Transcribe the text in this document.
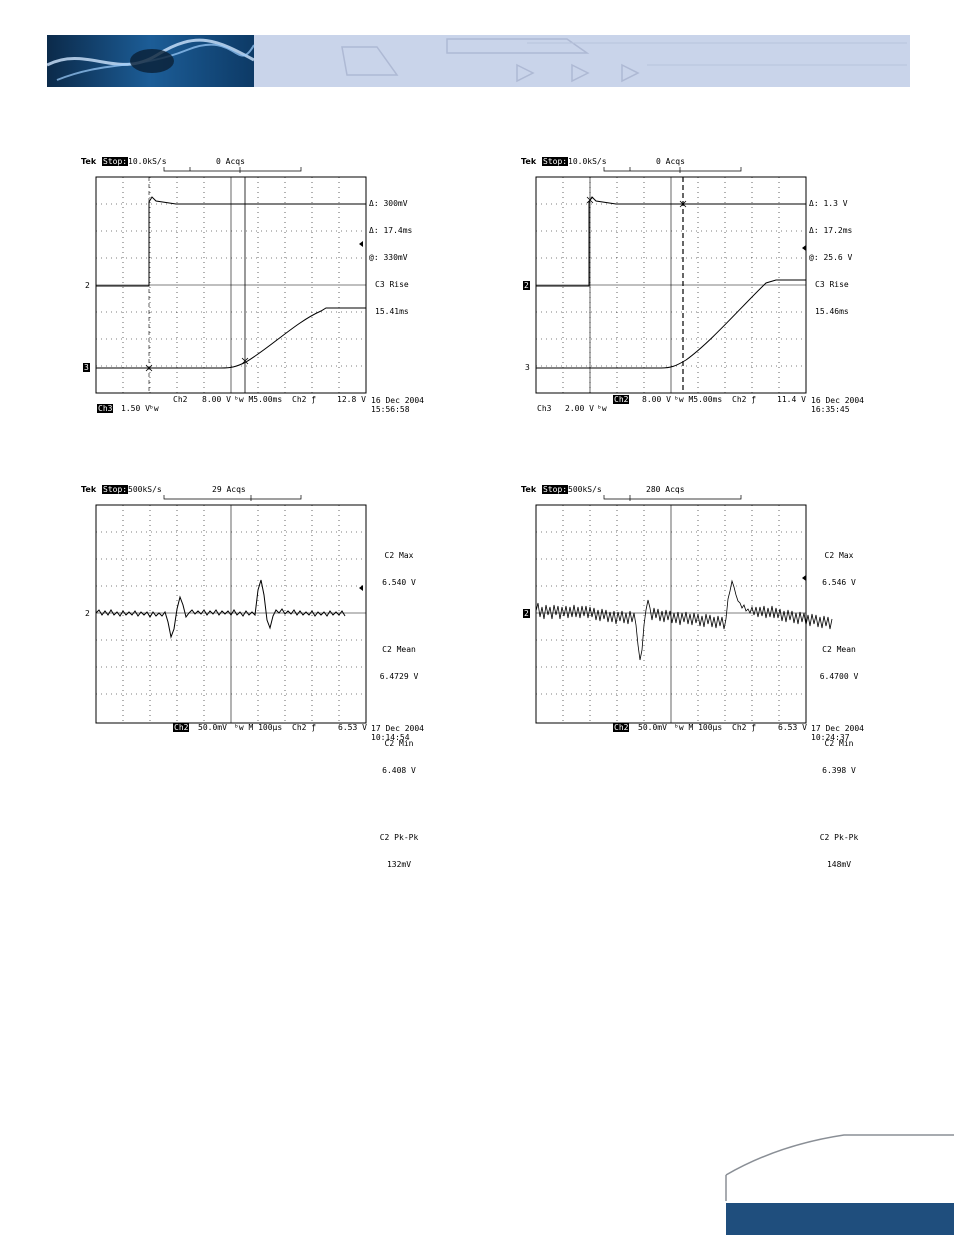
Tek Stop: 10.0kS/s	0 Acqs
2
3

Δ: 300mV

Δ: 17.4ms

@: 330mV

C3 Rise

15.41ms

Ch2 8.00 V ᵇw M5.00ms Ch2 ƒ	12.8 V
Ch3 1.50 V ᵇw
16 Dec 2004
15:56:58
Tek Stop: 10.0kS/s	0 Acqs
2
3

Δ: 1.3 V

Δ: 17.2ms

@: 25.6 V

C3 Rise

15.46ms

Ch2 8.00 V ᵇw M5.00ms Ch2 ƒ	11.4 V
Ch3 2.00 V ᵇw
16 Dec 2004
16:35:45
Tek Stop: 500kS/s	29 Acqs
2

C2 Max

6.540 V

C2 Mean

6.4729 V

C2 Min

6.408 V

C2 Pk-Pk

132mV

Ch2 50.0mV ᵇw M 100μs Ch2 ƒ	6.53 V 17 Dec 2004
10:14:54
Tek Stop: 500kS/s	280 Acqs
2

C2 Max

6.546 V

C2 Mean

6.4700 V

C2 Min

6.398 V

C2 Pk-Pk

148mV

Ch2 50.0mV ᵇw M 100μs Ch2 ƒ	6.53 V 17 Dec 2004
10:24:37
